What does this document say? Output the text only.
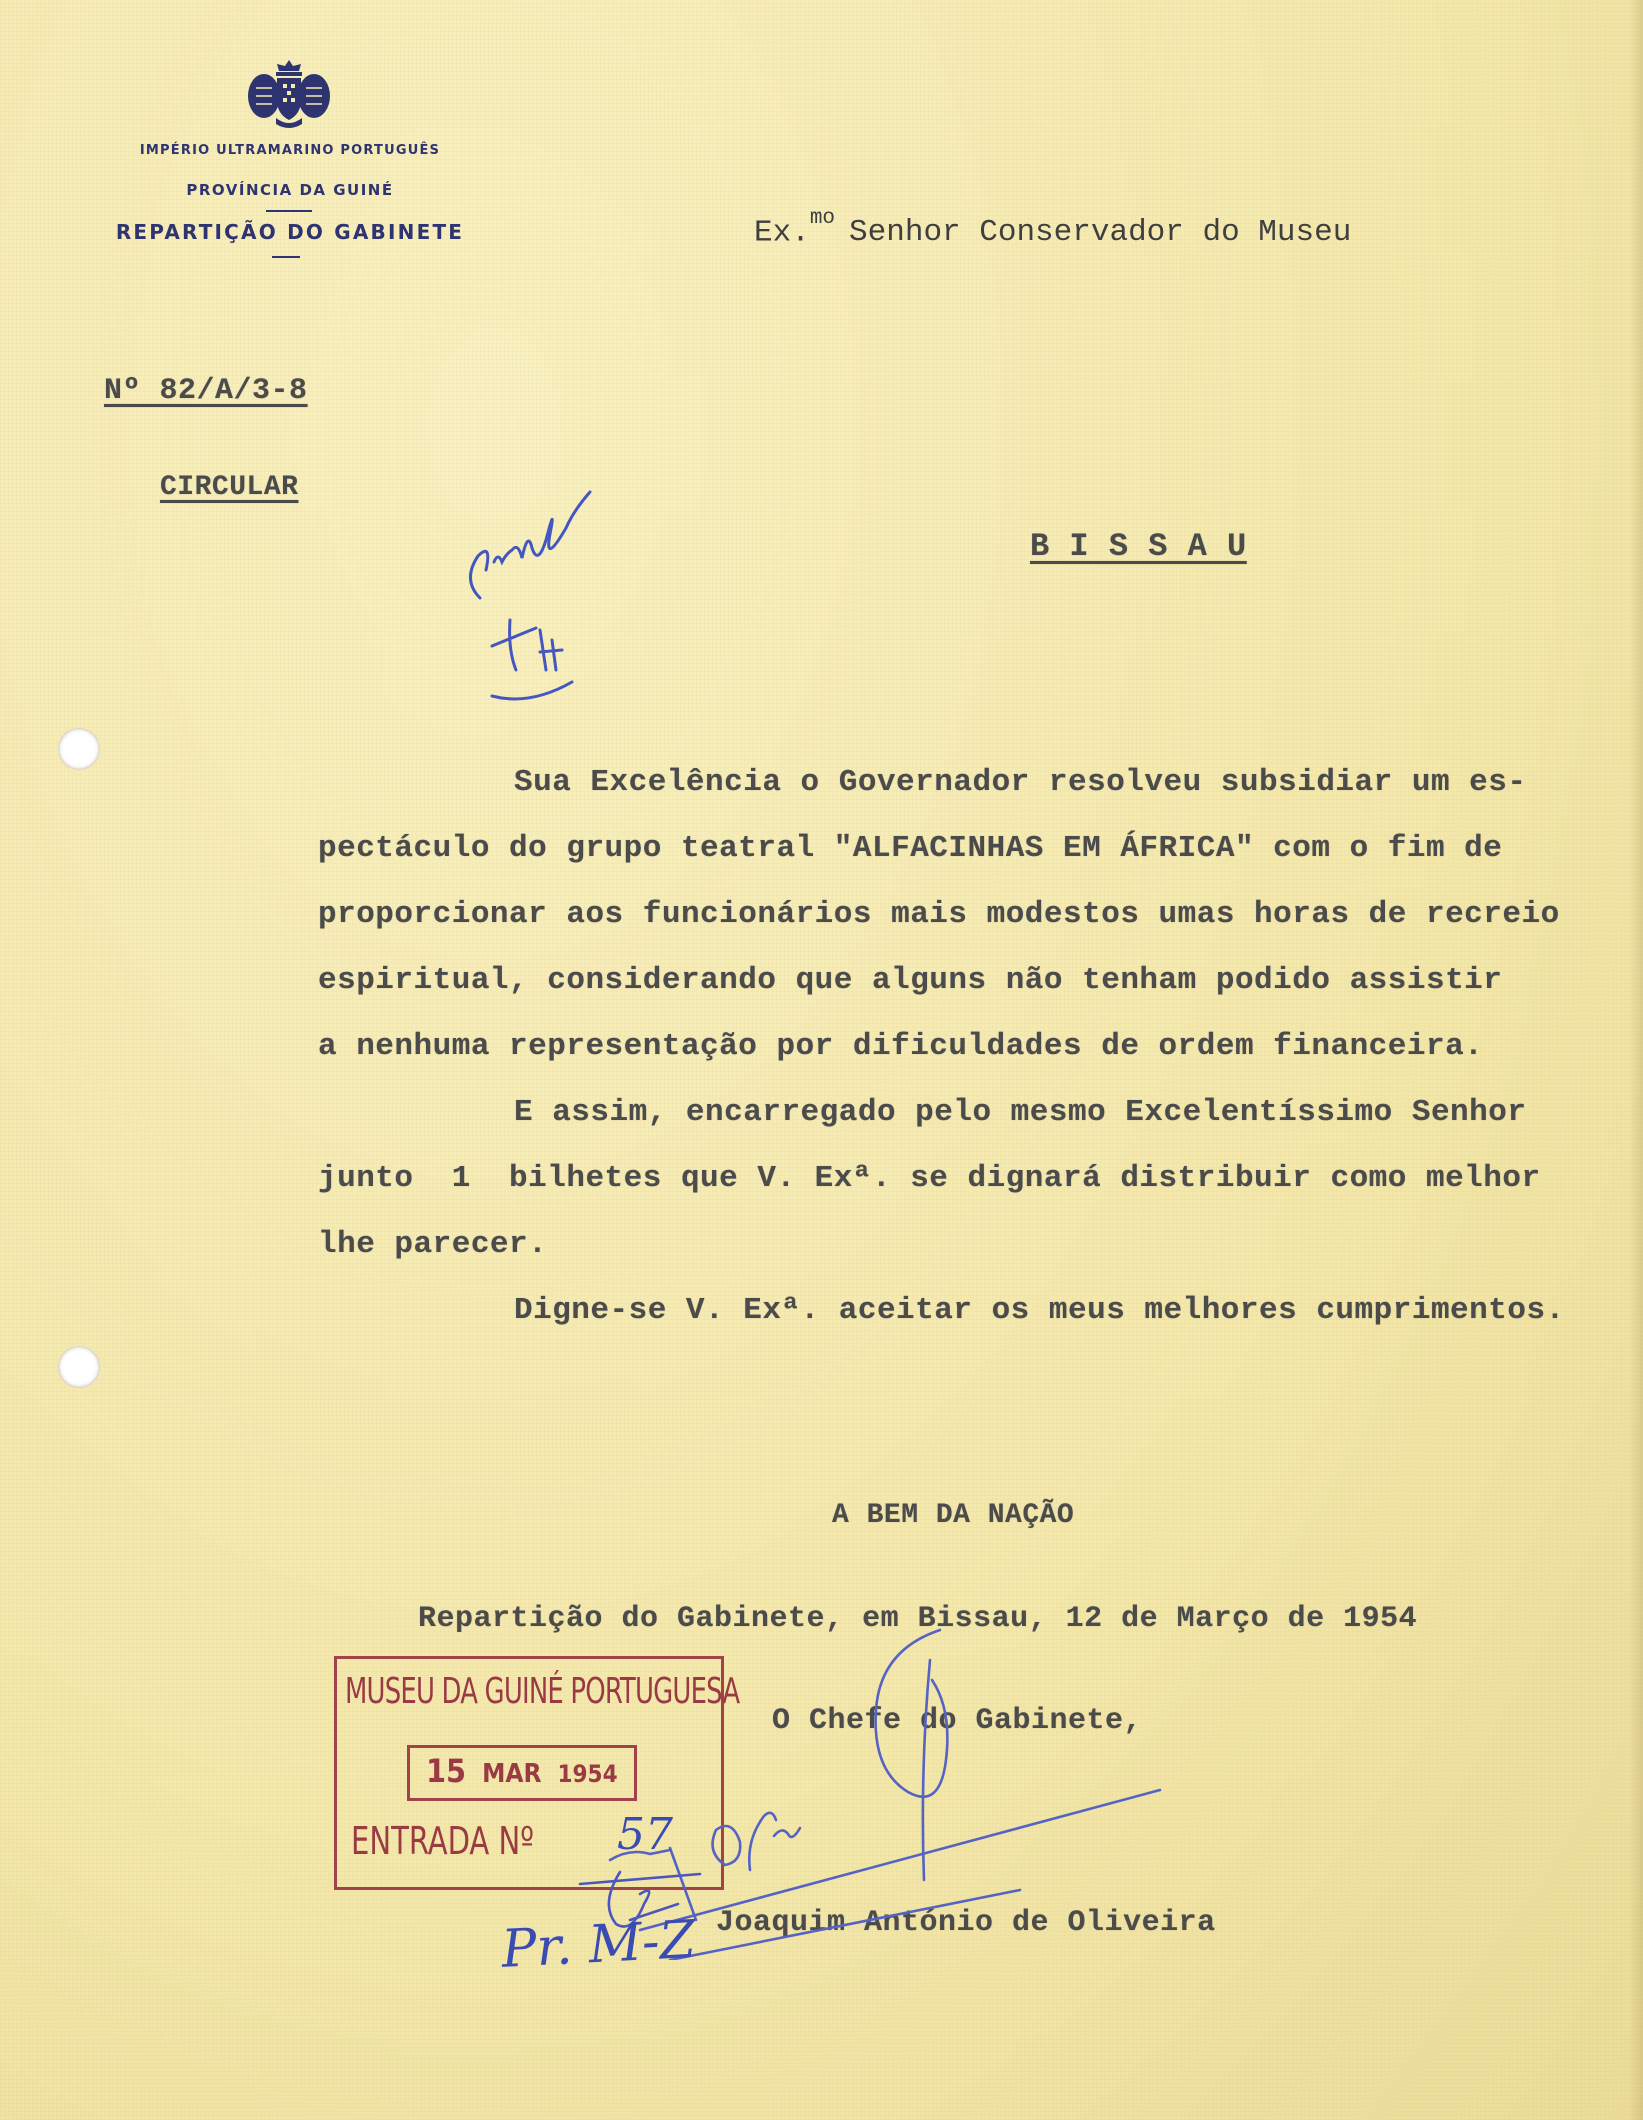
IMPÉRIO ULTRAMARINO PORTUGUÊS
PROVÍNCIA DA GUINÉ
REPARTIÇÃO DO GABINETE	Ex.$^{mo}$ Senhor Conservador do Museu
Nº 82/A/3-8
CIRCULAR
B I S S A U
Sua Excelência o Governador resolveu subsidiar um es-
pectáculo do grupo teatral "ALFACINHAS EM ÁFRICA" com o fim de
proporcionar aos funcionários mais modestos umas horas de recreio
espiritual, considerando que alguns não tenham podido assistir
a nenhuma representação por dificuldades de ordem financeira.
E assim, encarregado pelo mesmo Excelentíssimo Senhor
junto  1  bilhetes que V. Exª. se dignará distribuir como melhor
lhe parecer.
Digne-se V. Exª. aceitar os meus melhores cumprimentos.
A BEM DA NAÇÃO
Repartição do Gabinete, em Bissau, 12 de Março de 1954
O Chefe do Gabinete,
Joaquim António de Oliveira
MUSEU DA GUINÉ PORTUGUESA
15 MAR 1954
ENTRADA Nº 57
Pr. M-Z
